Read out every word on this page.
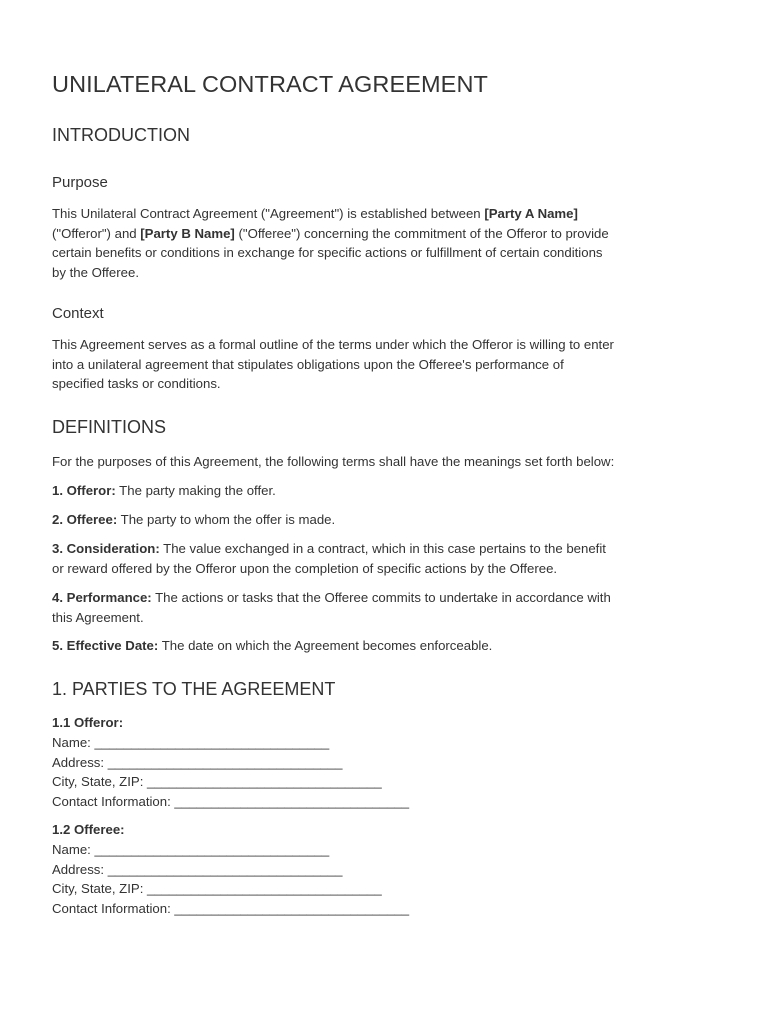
UNILATERAL CONTRACT AGREEMENT
INTRODUCTION
Purpose
This Unilateral Contract Agreement ("Agreement") is established between [Party A Name]
("Offeror") and [Party B Name] ("Offeree") concerning the commitment of the Offeror to provide
certain benefits or conditions in exchange for specific actions or fulfillment of certain conditions
by the Offeree.
Context
This Agreement serves as a formal outline of the terms under which the Offeror is willing to enter
into a unilateral agreement that stipulates obligations upon the Offeree's performance of
specified tasks or conditions.
DEFINITIONS
For the purposes of this Agreement, the following terms shall have the meanings set forth below:
1. Offeror: The party making the offer.
2. Offeree: The party to whom the offer is made.
3. Consideration: The value exchanged in a contract, which in this case pertains to the benefit
or reward offered by the Offeror upon the completion of specific actions by the Offeree.
4. Performance: The actions or tasks that the Offeree commits to undertake in accordance with
this Agreement.
5. Effective Date: The date on which the Agreement becomes enforceable.
1. PARTIES TO THE AGREEMENT
1.1 Offeror:
Name: ________________________________
Address: ________________________________
City, State, ZIP: ________________________________
Contact Information: ________________________________
1.2 Offeree:
Name: ________________________________
Address: ________________________________
City, State, ZIP: ________________________________
Contact Information: ________________________________
